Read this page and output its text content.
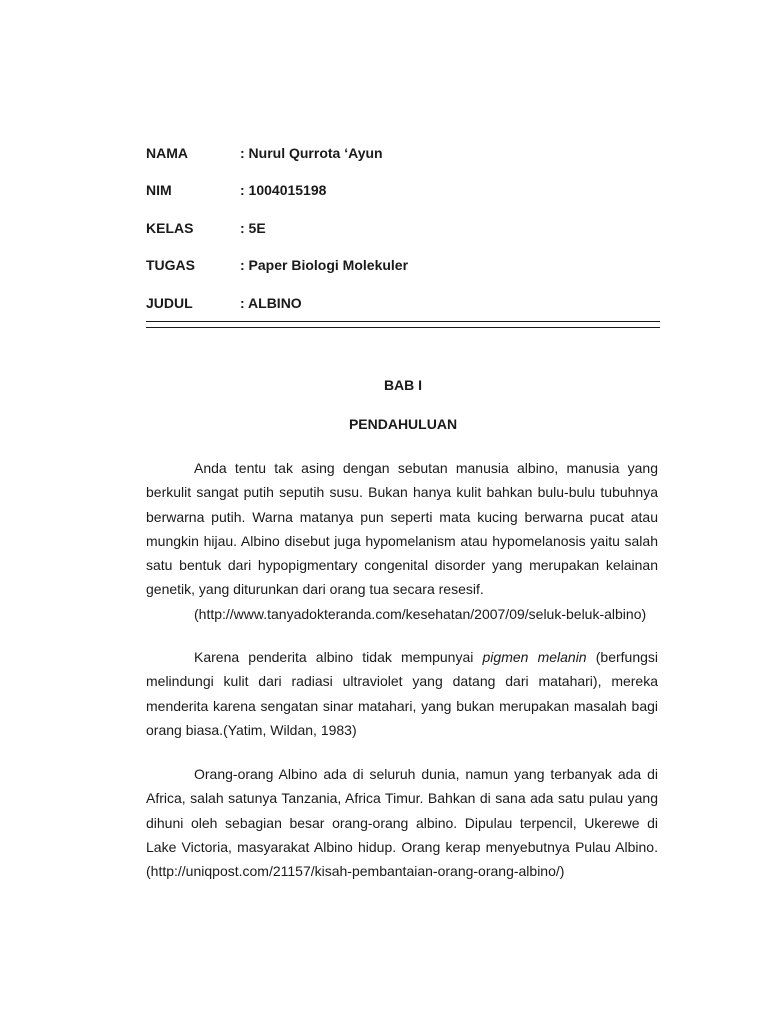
NAMA	: Nurul Qurrota ‘Ayun
NIM	: 1004015198
KELAS	: 5E
TUGAS	: Paper Biologi Molekuler
JUDUL	: ALBINO
BAB I
PENDAHULUAN

Anda tentu tak asing dengan sebutan manusia albino, manusia yang berkulit sangat putih seputih susu. Bukan hanya kulit bahkan bulu-bulu tubuhnya berwarna putih. Warna matanya pun seperti mata kucing berwarna pucat atau mungkin hijau. Albino disebut juga hypomelanism atau hypomelanosis yaitu salah satu bentuk dari hypopigmentary congenital disorder yang merupakan kelainan genetik, yang diturunkan dari orang tua secara resesif.
(http://www.tanyadokteranda.com/kesehatan/2007/09/seluk-beluk-albino)

Karena penderita albino tidak mempunyai pigmen melanin (berfungsi melindungi kulit dari radiasi ultraviolet yang datang dari matahari), mereka menderita karena sengatan sinar matahari, yang bukan merupakan masalah bagi orang biasa.(Yatim, Wildan, 1983)

Orang-orang Albino ada di seluruh dunia, namun yang terbanyak ada di Africa, salah satunya Tanzania, Africa Timur. Bahkan di sana ada satu pulau yang dihuni oleh sebagian besar orang-orang albino. Dipulau terpencil, Ukerewe di Lake Victoria, masyarakat Albino hidup. Orang kerap menyebutnya Pulau Albino. (http://uniqpost.com/21157/kisah-pembantaian-orang-orang-albino/)
